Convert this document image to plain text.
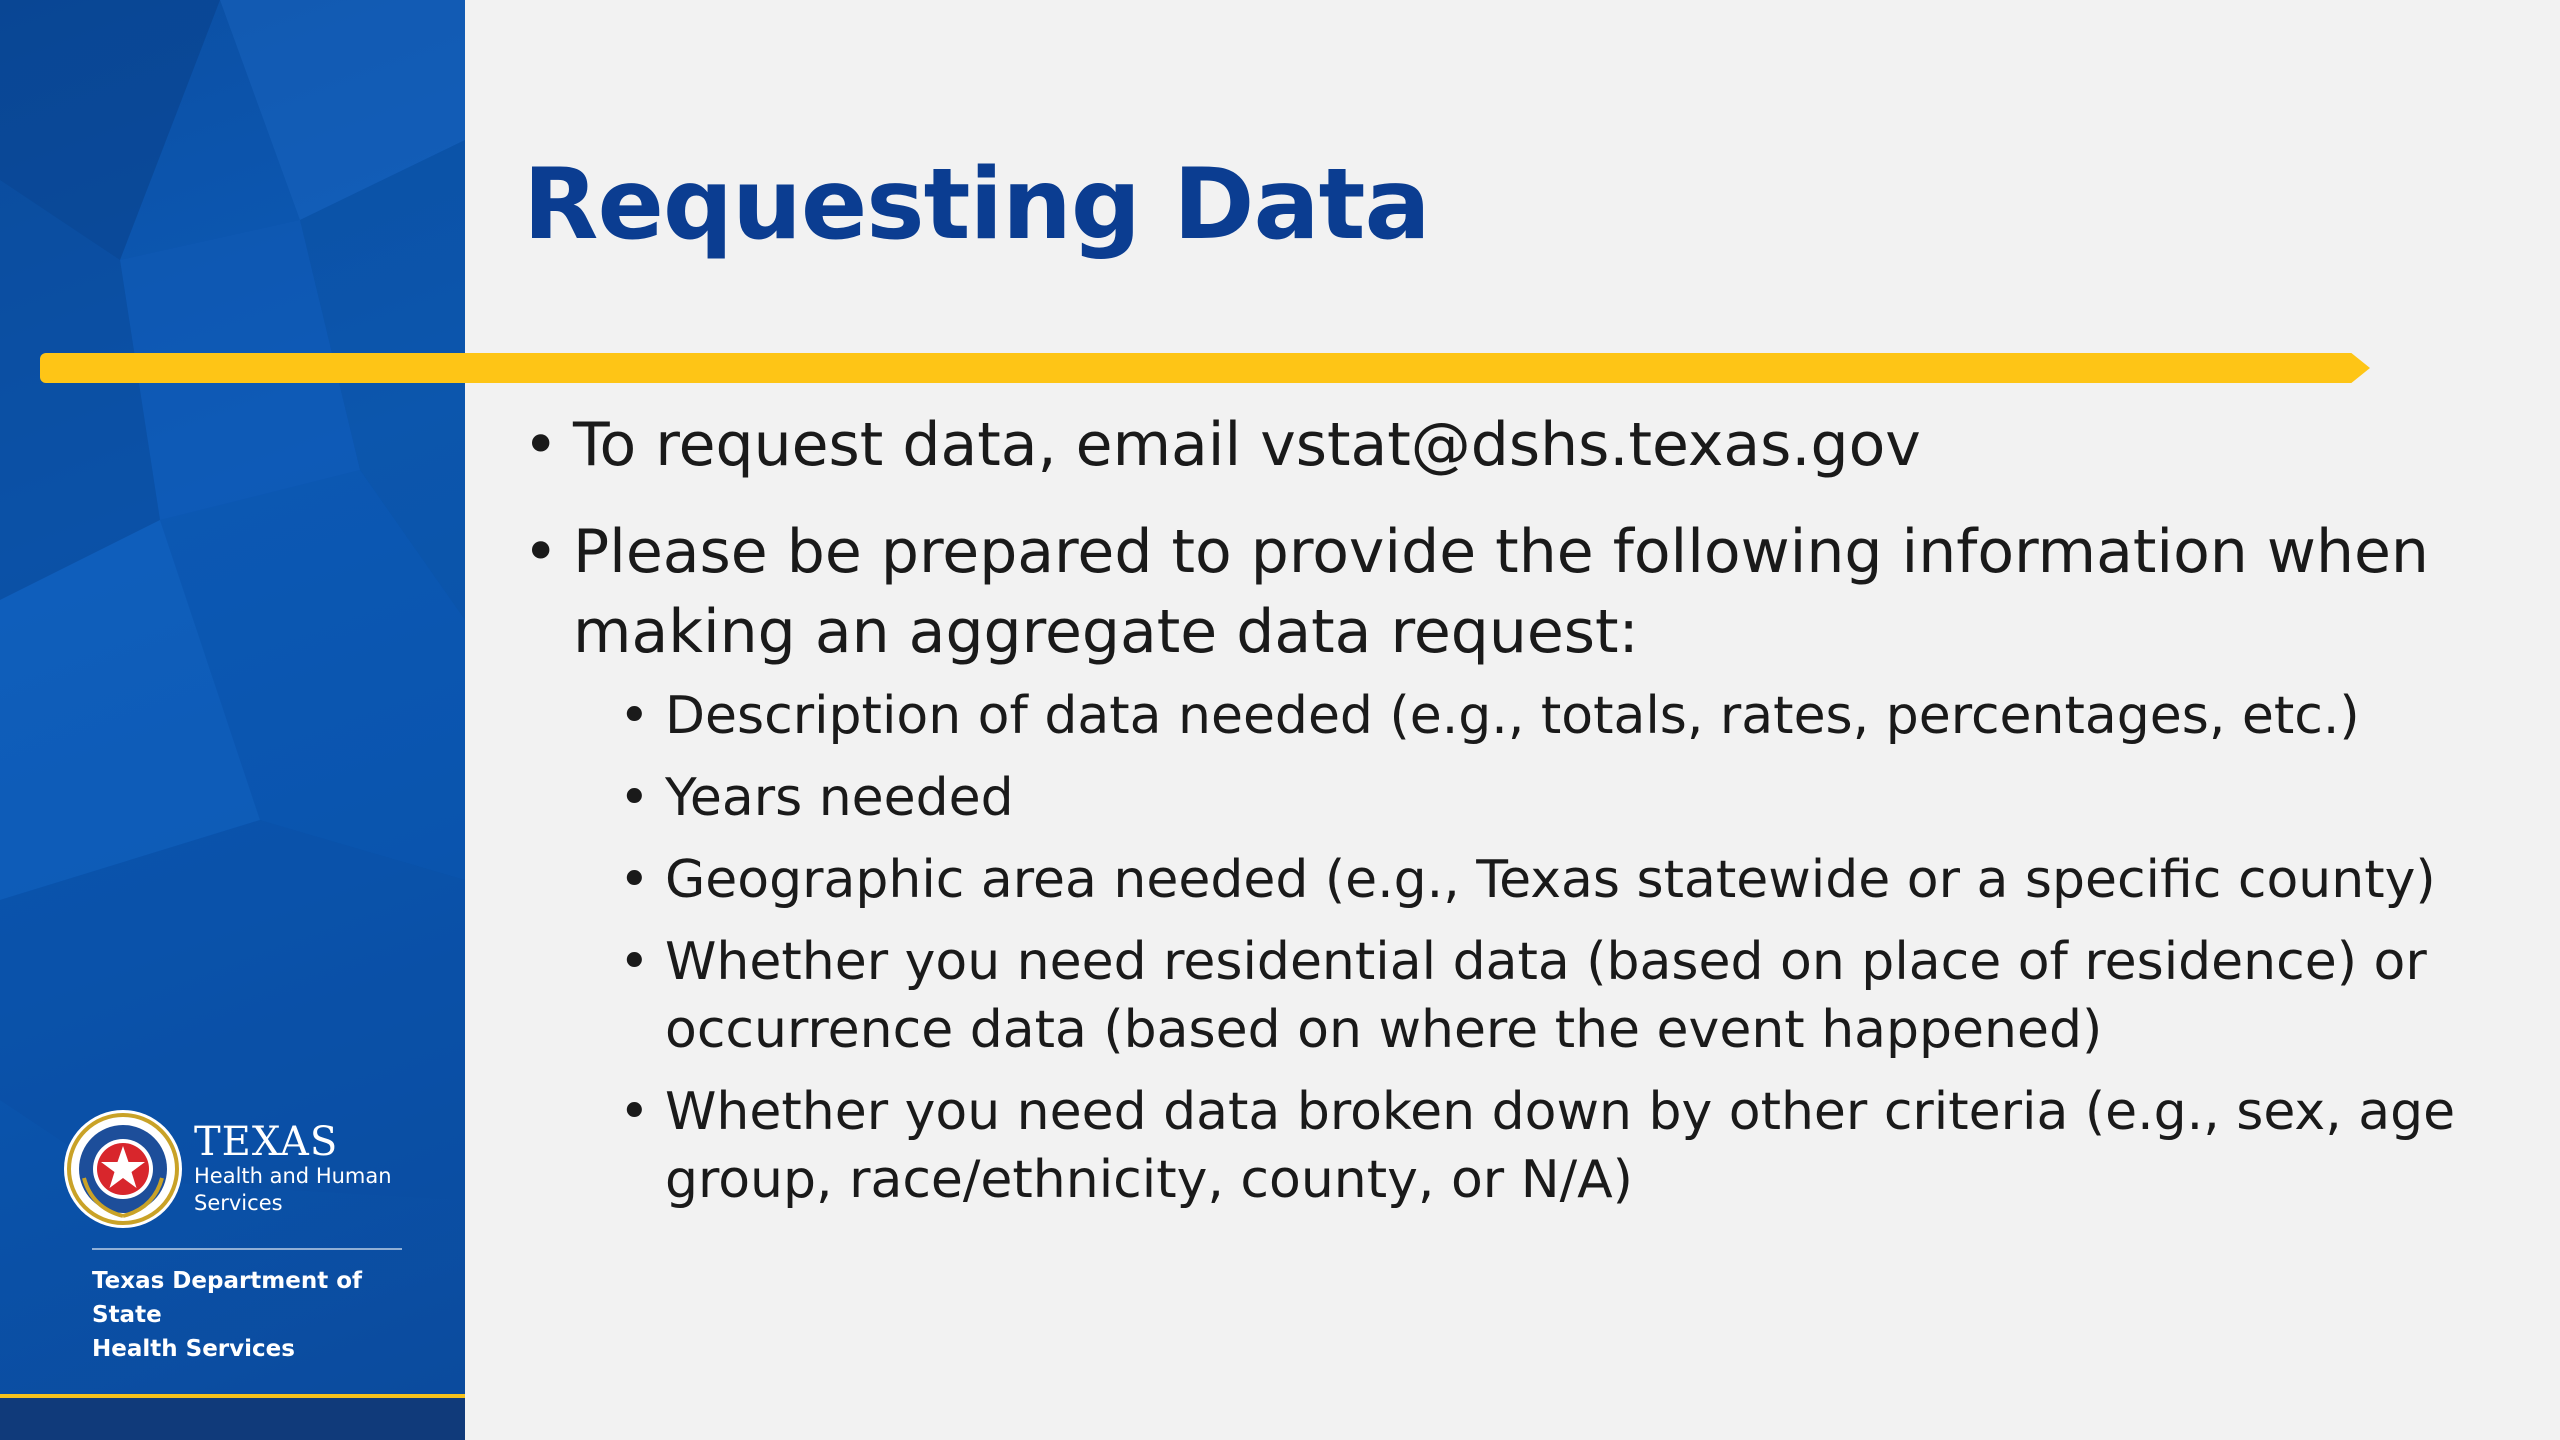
TEXAS
Health and Human
Services
Texas Department of State
Health Services
Requesting Data
• To request data, email vstat@dshs.texas.gov
• Please be prepared to provide the following information when making an aggregate data request:
• Description of data needed (e.g., totals, rates, percentages, etc.)
• Years needed
• Geographic area needed (e.g., Texas statewide or a specific county)
• Whether you need residential data (based on place of residence) or occurrence data (based on where the event happened)
• Whether you need data broken down by other criteria (e.g., sex, age group, race/ethnicity, county, or N/A)
